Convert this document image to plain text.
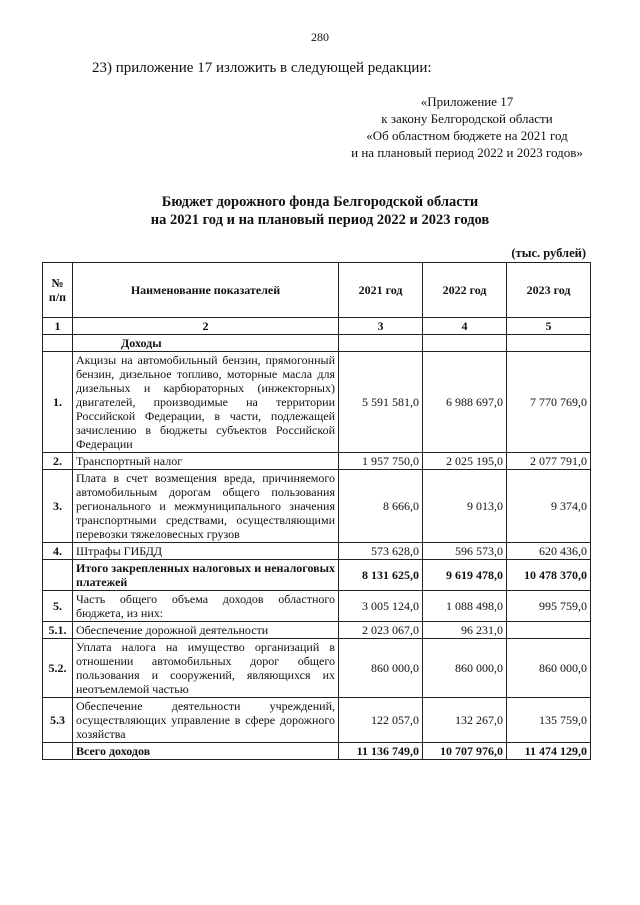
280
23) приложение 17 изложить в следующей редакции:
«Приложение 17
к закону Белгородской области
«Об областном бюджете на 2021 год
и на плановый период 2022 и 2023 годов»
Бюджет дорожного фонда Белгородской области
на 2021 год и на плановый период 2022 и 2023 годов
(тыс. рублей)
№ п/п	Наименование показателей	2021 год	2022 год	2023 год
1	2	3	4	5
	Доходы			
1.	Акцизы на автомобильный бензин, прямогонный бензин, дизельное топливо, моторные масла для дизельных и карбюраторных (инжекторных) двигателей, производимые на территории Российской Федерации, в части, подлежащей зачислению в бюджеты субъектов Российской Федерации	5 591 581,0	6 988 697,0	7 770 769,0
2.	Транспортный налог	1 957 750,0	2 025 195,0	2 077 791,0
3.	Плата в счет возмещения вреда, причиняемого автомобильным дорогам общего пользования регионального и межмуниципального значения транспортными средствами, осуществляющими перевозки тяжеловесных грузов	8 666,0	9 013,0	9 374,0
4.	Штрафы ГИБДД	573 628,0	596 573,0	620 436,0
	Итого закрепленных налоговых и неналоговых платежей	8 131 625,0	9 619 478,0	10 478 370,0
5.	Часть общего объема доходов областного бюджета, из них:	3 005 124,0	1 088 498,0	995 759,0
5.1.	Обеспечение дорожной деятельности	2 023 067,0	96 231,0	
5.2.	Уплата налога на имущество организаций в отношении автомобильных дорог общего пользования и сооружений, являющихся их неотъемлемой частью	860 000,0	860 000,0	860 000,0
5.3	Обеспечение деятельности учреждений, осуществляющих управление в сфере дорожного хозяйства	122 057,0	132 267,0	135 759,0
	Всего доходов	11 136 749,0	10 707 976,0	11 474 129,0
